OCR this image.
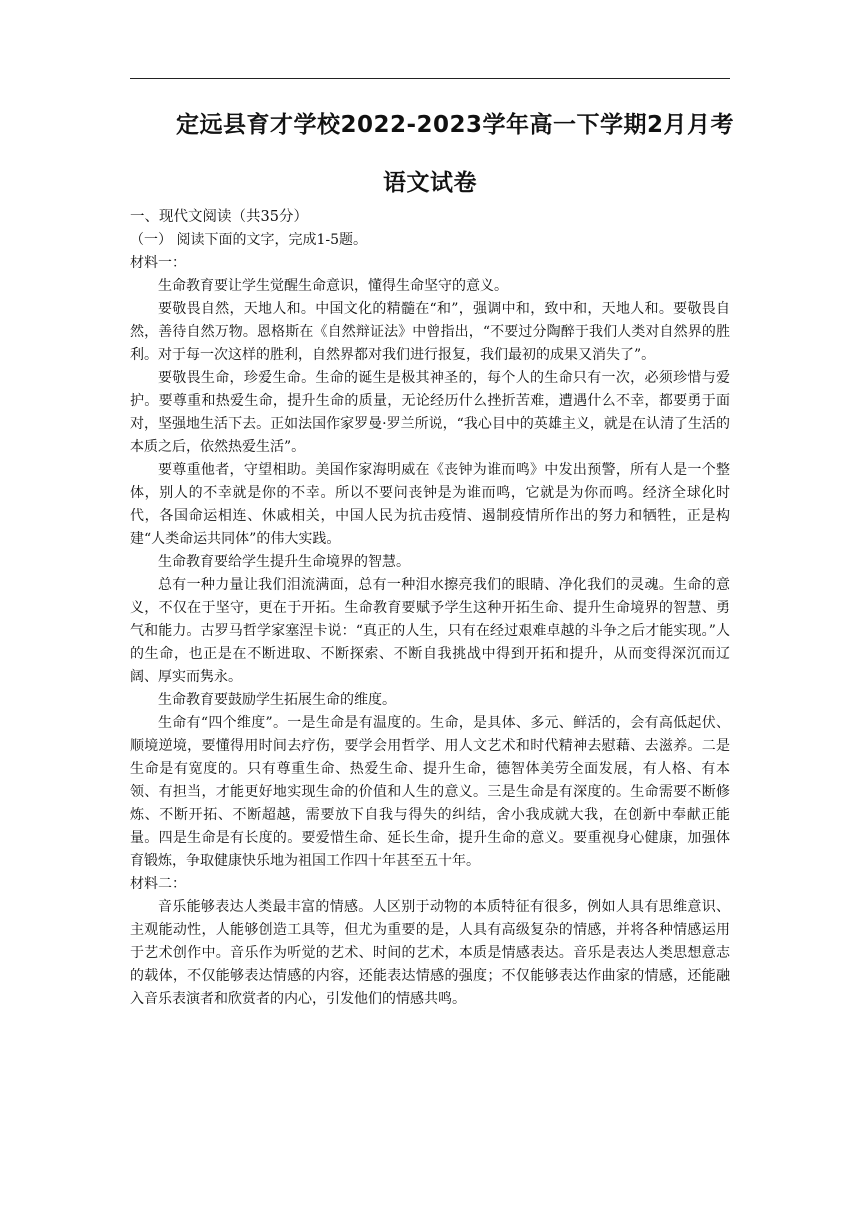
定远县育才学校2022-2023学年高一下学期2月月考
语文试卷

一、现代文阅读（共35分）

（一） 阅读下面的文字，完成1-5题。

材料一：

生命教育要让学生觉醒生命意识，懂得生命坚守的意义。

要敬畏自然，天地人和。中国文化的精髓在“和”，强调中和，致中和，天地人和。要敬畏自然，善待自然万物。恩格斯在《自然辩证法》中曾指出，“不要过分陶醉于我们人类对自然界的胜利。对于每一次这样的胜利，自然界都对我们进行报复，我们最初的成果又消失了”。

要敬畏生命，珍爱生命。生命的诞生是极其神圣的，每个人的生命只有一次，必须珍惜与爱护。要尊重和热爱生命，提升生命的质量，无论经历什么挫折苦难，遭遇什么不幸，都要勇于面对，坚强地生活下去。正如法国作家罗曼·罗兰所说，“我心目中的英雄主义，就是在认清了生活的本质之后，依然热爱生活”。

要尊重他者，守望相助。美国作家海明威在《丧钟为谁而鸣》中发出预警，所有人是一个整体，别人的不幸就是你的不幸。所以不要问丧钟是为谁而鸣，它就是为你而鸣。经济全球化时代，各国命运相连、休戚相关，中国人民为抗击疫情、遏制疫情所作出的努力和牺牲，正是构建“人类命运共同体”的伟大实践。

生命教育要给学生提升生命境界的智慧。

总有一种力量让我们泪流满面，总有一种泪水擦亮我们的眼睛、净化我们的灵魂。生命的意义，不仅在于坚守，更在于开拓。生命教育要赋予学生这种开拓生命、提升生命境界的智慧、勇气和能力。古罗马哲学家塞涅卡说：“真正的人生，只有在经过艰难卓越的斗争之后才能实现。”人的生命，也正是在不断进取、不断探索、不断自我挑战中得到开拓和提升，从而变得深沉而辽阔、厚实而隽永。

生命教育要鼓励学生拓展生命的维度。

生命有“四个维度”。一是生命是有温度的。生命，是具体、多元、鲜活的，会有高低起伏、顺境逆境，要懂得用时间去疗伤，要学会用哲学、用人文艺术和时代精神去慰藉、去滋养。二是生命是有宽度的。只有尊重生命、热爱生命、提升生命，德智体美劳全面发展，有人格、有本领、有担当，才能更好地实现生命的价值和人生的意义。三是生命是有深度的。生命需要不断修炼、不断开拓、不断超越，需要放下自我与得失的纠结，舍小我成就大我，在创新中奉献正能量。四是生命是有长度的。要爱惜生命、延长生命，提升生命的意义。要重视身心健康，加强体育锻炼，争取健康快乐地为祖国工作四十年甚至五十年。

材料二：

音乐能够表达人类最丰富的情感。人区别于动物的本质特征有很多，例如人具有思维意识、主观能动性，人能够创造工具等，但尤为重要的是，人具有高级复杂的情感，并将各种情感运用于艺术创作中。音乐作为听觉的艺术、时间的艺术，本质是情感表达。音乐是表达人类思想意志的载体，不仅能够表达情感的内容，还能表达情感的强度；不仅能够表达作曲家的情感，还能融入音乐表演者和欣赏者的内心，引发他们的情感共鸣。
